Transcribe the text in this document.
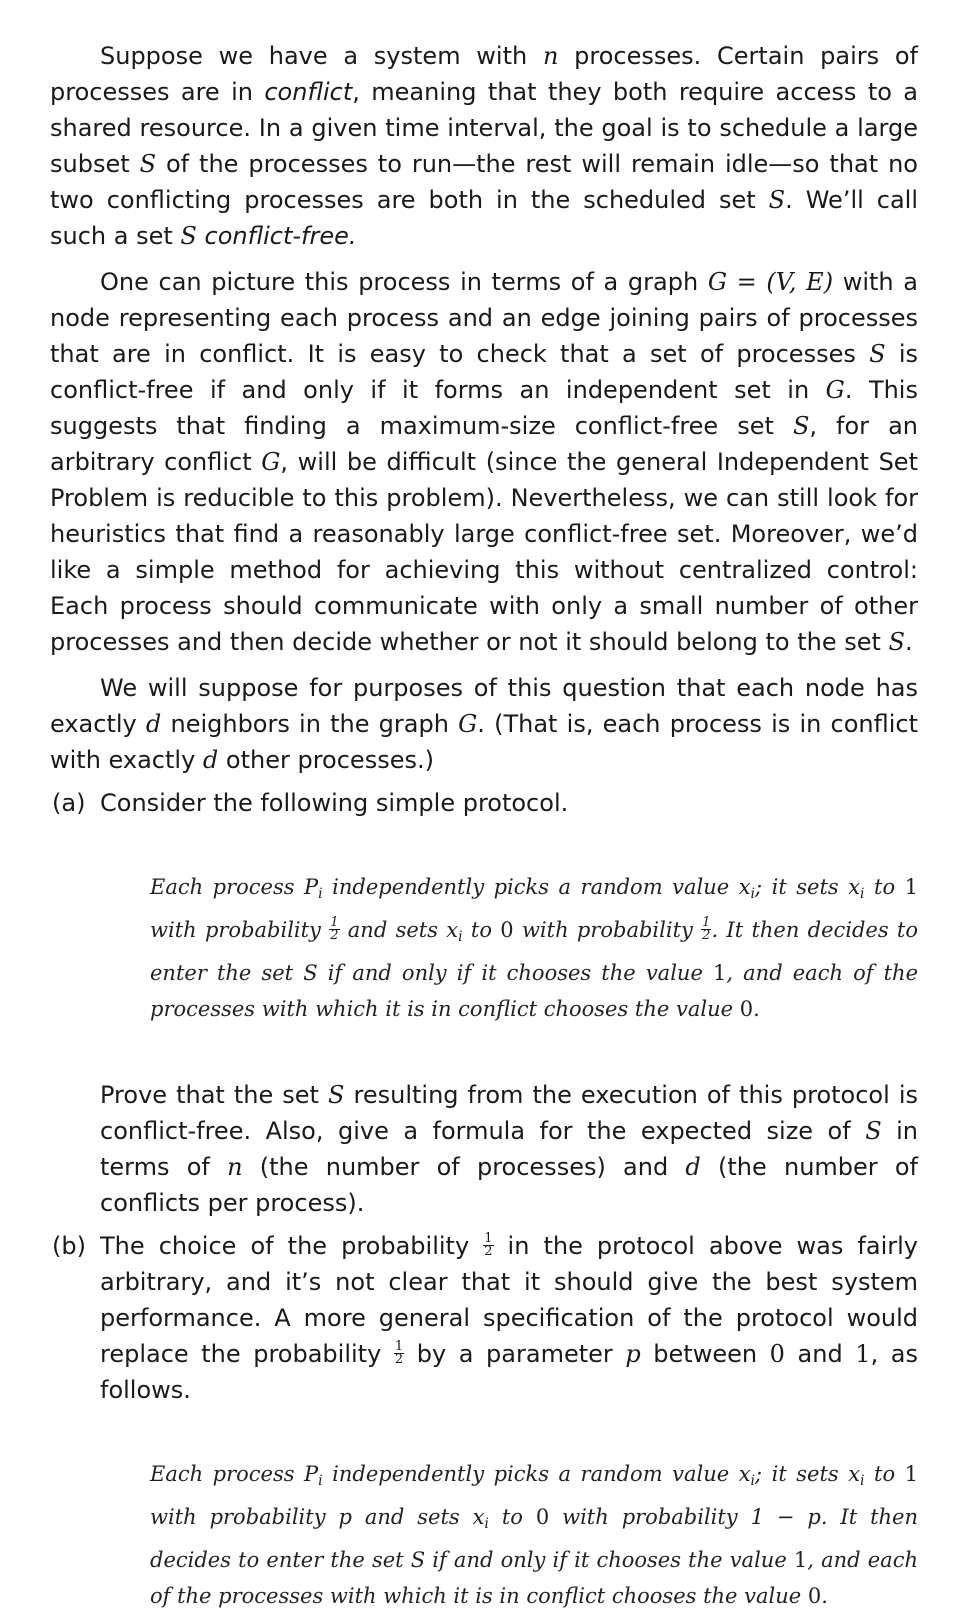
Suppose we have a system with n processes. Certain pairs of processes are in conflict, meaning that they both require access to a shared resource. In a given time interval, the goal is to schedule a large subset S of the processes to run—the rest will remain idle—so that no two conflicting processes are both in the scheduled set S. We’ll call such a set S conflict-free.

One can picture this process in terms of a graph G = (V, E) with a node representing each process and an edge joining pairs of processes that are in conflict. It is easy to check that a set of processes S is conflict-free if and only if it forms an independent set in G. This suggests that finding a maximum-size conflict-free set S, for an arbitrary conflict G, will be difficult (since the general Independent Set Problem is reducible to this problem). Nevertheless, we can still look for heuristics that find a reasonably large conflict-free set. Moreover, we’d like a simple method for achieving this without centralized control: Each process should communicate with only a small number of other processes and then decide whether or not it should belong to the set S.

We will suppose for purposes of this question that each node has exactly d neighbors in the graph G. (That is, each process is in conflict with exactly d other processes.)

(a) Consider the following simple protocol.

Each process $P_i$ independently picks a random value $x_i$; it sets $x_i$ to 1 with probability $\frac{1}{2}$ and sets $x_i$ to 0 with probability $\frac{1}{2}$ . It then decides to enter the set S if and only if it chooses the value 1, and each of the processes with which it is in conflict chooses the value 0.

Prove that the set S resulting from the execution of this protocol is conflict-free. Also, give a formula for the expected size of S in terms of n (the number of processes) and d (the number of conflicts per process).

(b) The choice of the probability $\frac{1}{2}$ in the protocol above was fairly arbitrary, and it’s not clear that it should give the best system performance. A more general specification of the protocol would replace the probability $\frac{1}{2}$ by a parameter p between 0 and 1, as follows.

Each process $P_i$ independently picks a random value $x_i$; it sets $x_i$ to 1 with probability p and sets $x_i$ to 0 with probability 1 − p. It then decides to enter the set S if and only if it chooses the value 1, and each of the processes with which it is in conflict chooses the value 0.
